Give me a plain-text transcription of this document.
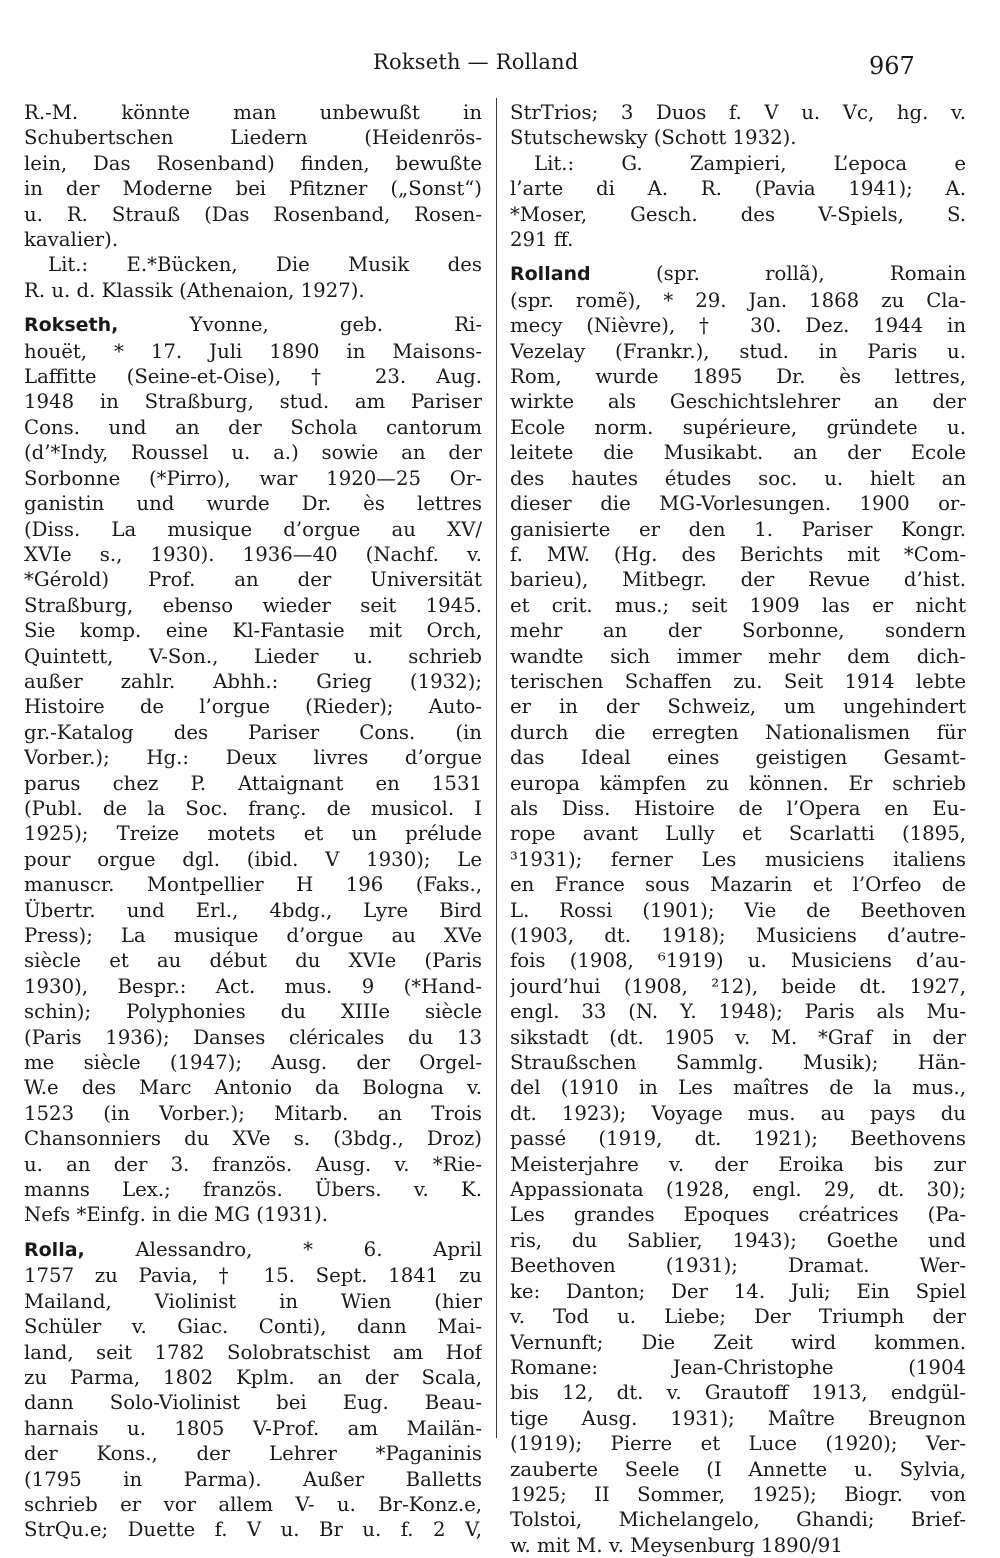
Rokseth — Rolland	967
R.-M. könnte man unbewußt in
Schubertschen Liedern (Heidenrös-
lein, Das Rosenband) finden, bewußte
in der Moderne bei Pfitzner („Sonst“)
u. R. Strauß (Das Rosenband, Rosen-
kavalier).
Lit.: E.*Bücken, Die Musik des
R. u. d. Klassik (Athenaion, 1927).
Rokseth, Yvonne, geb. Ri-
houët, * 17. Juli 1890 in Maisons-
Laffitte (Seine-et-Oise), † 23. Aug.
1948 in Straßburg, stud. am Pariser
Cons. und an der Schola cantorum
(d’*Indy, Roussel u. a.) sowie an der
Sorbonne (*Pirro), war 1920—25 Or-
ganistin und wurde Dr. ès lettres
(Diss. La musique d’orgue au XV/
XVIe s., 1930). 1936—40 (Nachf. v.
*Gérold) Prof. an der Universität
Straßburg, ebenso wieder seit 1945.
Sie komp. eine Kl-Fantasie mit Orch,
Quintett, V-Son., Lieder u. schrieb
außer zahlr. Abhh.: Grieg (1932);
Histoire de l’orgue (Rieder); Auto-
gr.-Katalog des Pariser Cons. (in
Vorber.); Hg.: Deux livres d’orgue
parus chez P. Attaignant en 1531
(Publ. de la Soc. franç. de musicol. I
1925); Treize motets et un prélude
pour orgue dgl. (ibid. V 1930); Le
manuscr. Montpellier H 196 (Faks.,
Übertr. und Erl., 4bdg., Lyre Bird
Press); La musique d’orgue au XVe
siècle et au début du XVIe (Paris
1930), Bespr.: Act. mus. 9 (*Hand-
schin); Polyphonies du XIIIe siècle
(Paris 1936); Danses cléricales du 13
me siècle (1947); Ausg. der Orgel-
W.e des Marc Antonio da Bologna v.
1523 (in Vorber.); Mitarb. an Trois
Chansonniers du XVe s. (3bdg., Droz)
u. an der 3. französ. Ausg. v. *Rie-
manns Lex.; französ. Übers. v. K.
Nefs *Einfg. in die MG (1931).
Rolla, Alessandro, * 6. April
1757 zu Pavia, † 15. Sept. 1841 zu
Mailand, Violinist in Wien (hier
Schüler v. Giac. Conti), dann Mai-
land, seit 1782 Solobratschist am Hof
zu Parma, 1802 Kplm. an der Scala,
dann Solo-Violinist bei Eug. Beau-
harnais u. 1805 V-Prof. am Mailän-
der Kons., der Lehrer *Paganinis
(1795 in Parma). Außer Balletts
schrieb er vor allem V- u. Br-Konz.e,
StrQu.e; Duette f. V u. Br u. f. 2 V,
StrTrios; 3 Duos f. V u. Vc, hg. v.
Stutschewsky (Schott 1932).
Lit.: G. Zampieri, L’epoca e
l’arte di A. R. (Pavia 1941); A.
*Moser, Gesch. des V-Spiels, S.
291 ff.
Rolland (spr. rollã), Romain
(spr. romẽ), * 29. Jan. 1868 zu Cla-
mecy (Nièvre), † 30. Dez. 1944 in
Vezelay (Frankr.), stud. in Paris u.
Rom, wurde 1895 Dr. ès lettres,
wirkte als Geschichtslehrer an der
Ecole norm. supérieure, gründete u.
leitete die Musikabt. an der Ecole
des hautes études soc. u. hielt an
dieser die MG-Vorlesungen. 1900 or-
ganisierte er den 1. Pariser Kongr.
f. MW. (Hg. des Berichts mit *Com-
barieu), Mitbegr. der Revue d’hist.
et crit. mus.; seit 1909 las er nicht
mehr an der Sorbonne, sondern
wandte sich immer mehr dem dich-
terischen Schaffen zu. Seit 1914 lebte
er in der Schweiz, um ungehindert
durch die erregten Nationalismen für
das Ideal eines geistigen Gesamt-
europa kämpfen zu können. Er schrieb
als Diss. Histoire de l’Opera en Eu-
rope avant Lully et Scarlatti (1895,
³1931); ferner Les musiciens italiens
en France sous Mazarin et l’Orfeo de
L. Rossi (1901); Vie de Beethoven
(1903, dt. 1918); Musiciens d’autre-
fois (1908, ⁶1919) u. Musiciens d’au-
jourd’hui (1908, ²12), beide dt. 1927,
engl. 33 (N. Y. 1948); Paris als Mu-
sikstadt (dt. 1905 v. M. *Graf in der
Straußschen Sammlg. Musik); Hän-
del (1910 in Les maîtres de la mus.,
dt. 1923); Voyage mus. au pays du
passé (1919, dt. 1921); Beethovens
Meisterjahre v. der Eroika bis zur
Appassionata (1928, engl. 29, dt. 30);
Les grandes Epoques créatrices (Pa-
ris, du Sablier, 1943); Goethe und
Beethoven (1931); Dramat. Wer-
ke: Danton; Der 14. Juli; Ein Spiel
v. Tod u. Liebe; Der Triumph der
Vernunft; Die Zeit wird kommen.
Romane: Jean-Christophe (1904
bis 12, dt. v. Grautoff 1913, endgül-
tige Ausg. 1931); Maître Breugnon
(1919); Pierre et Luce (1920); Ver-
zauberte Seele (I Annette u. Sylvia,
1925; II Sommer, 1925); Biogr. von
Tolstoi, Michelangelo, Ghandi; Brief-
w. mit M. v. Meysenburg 1890/91
